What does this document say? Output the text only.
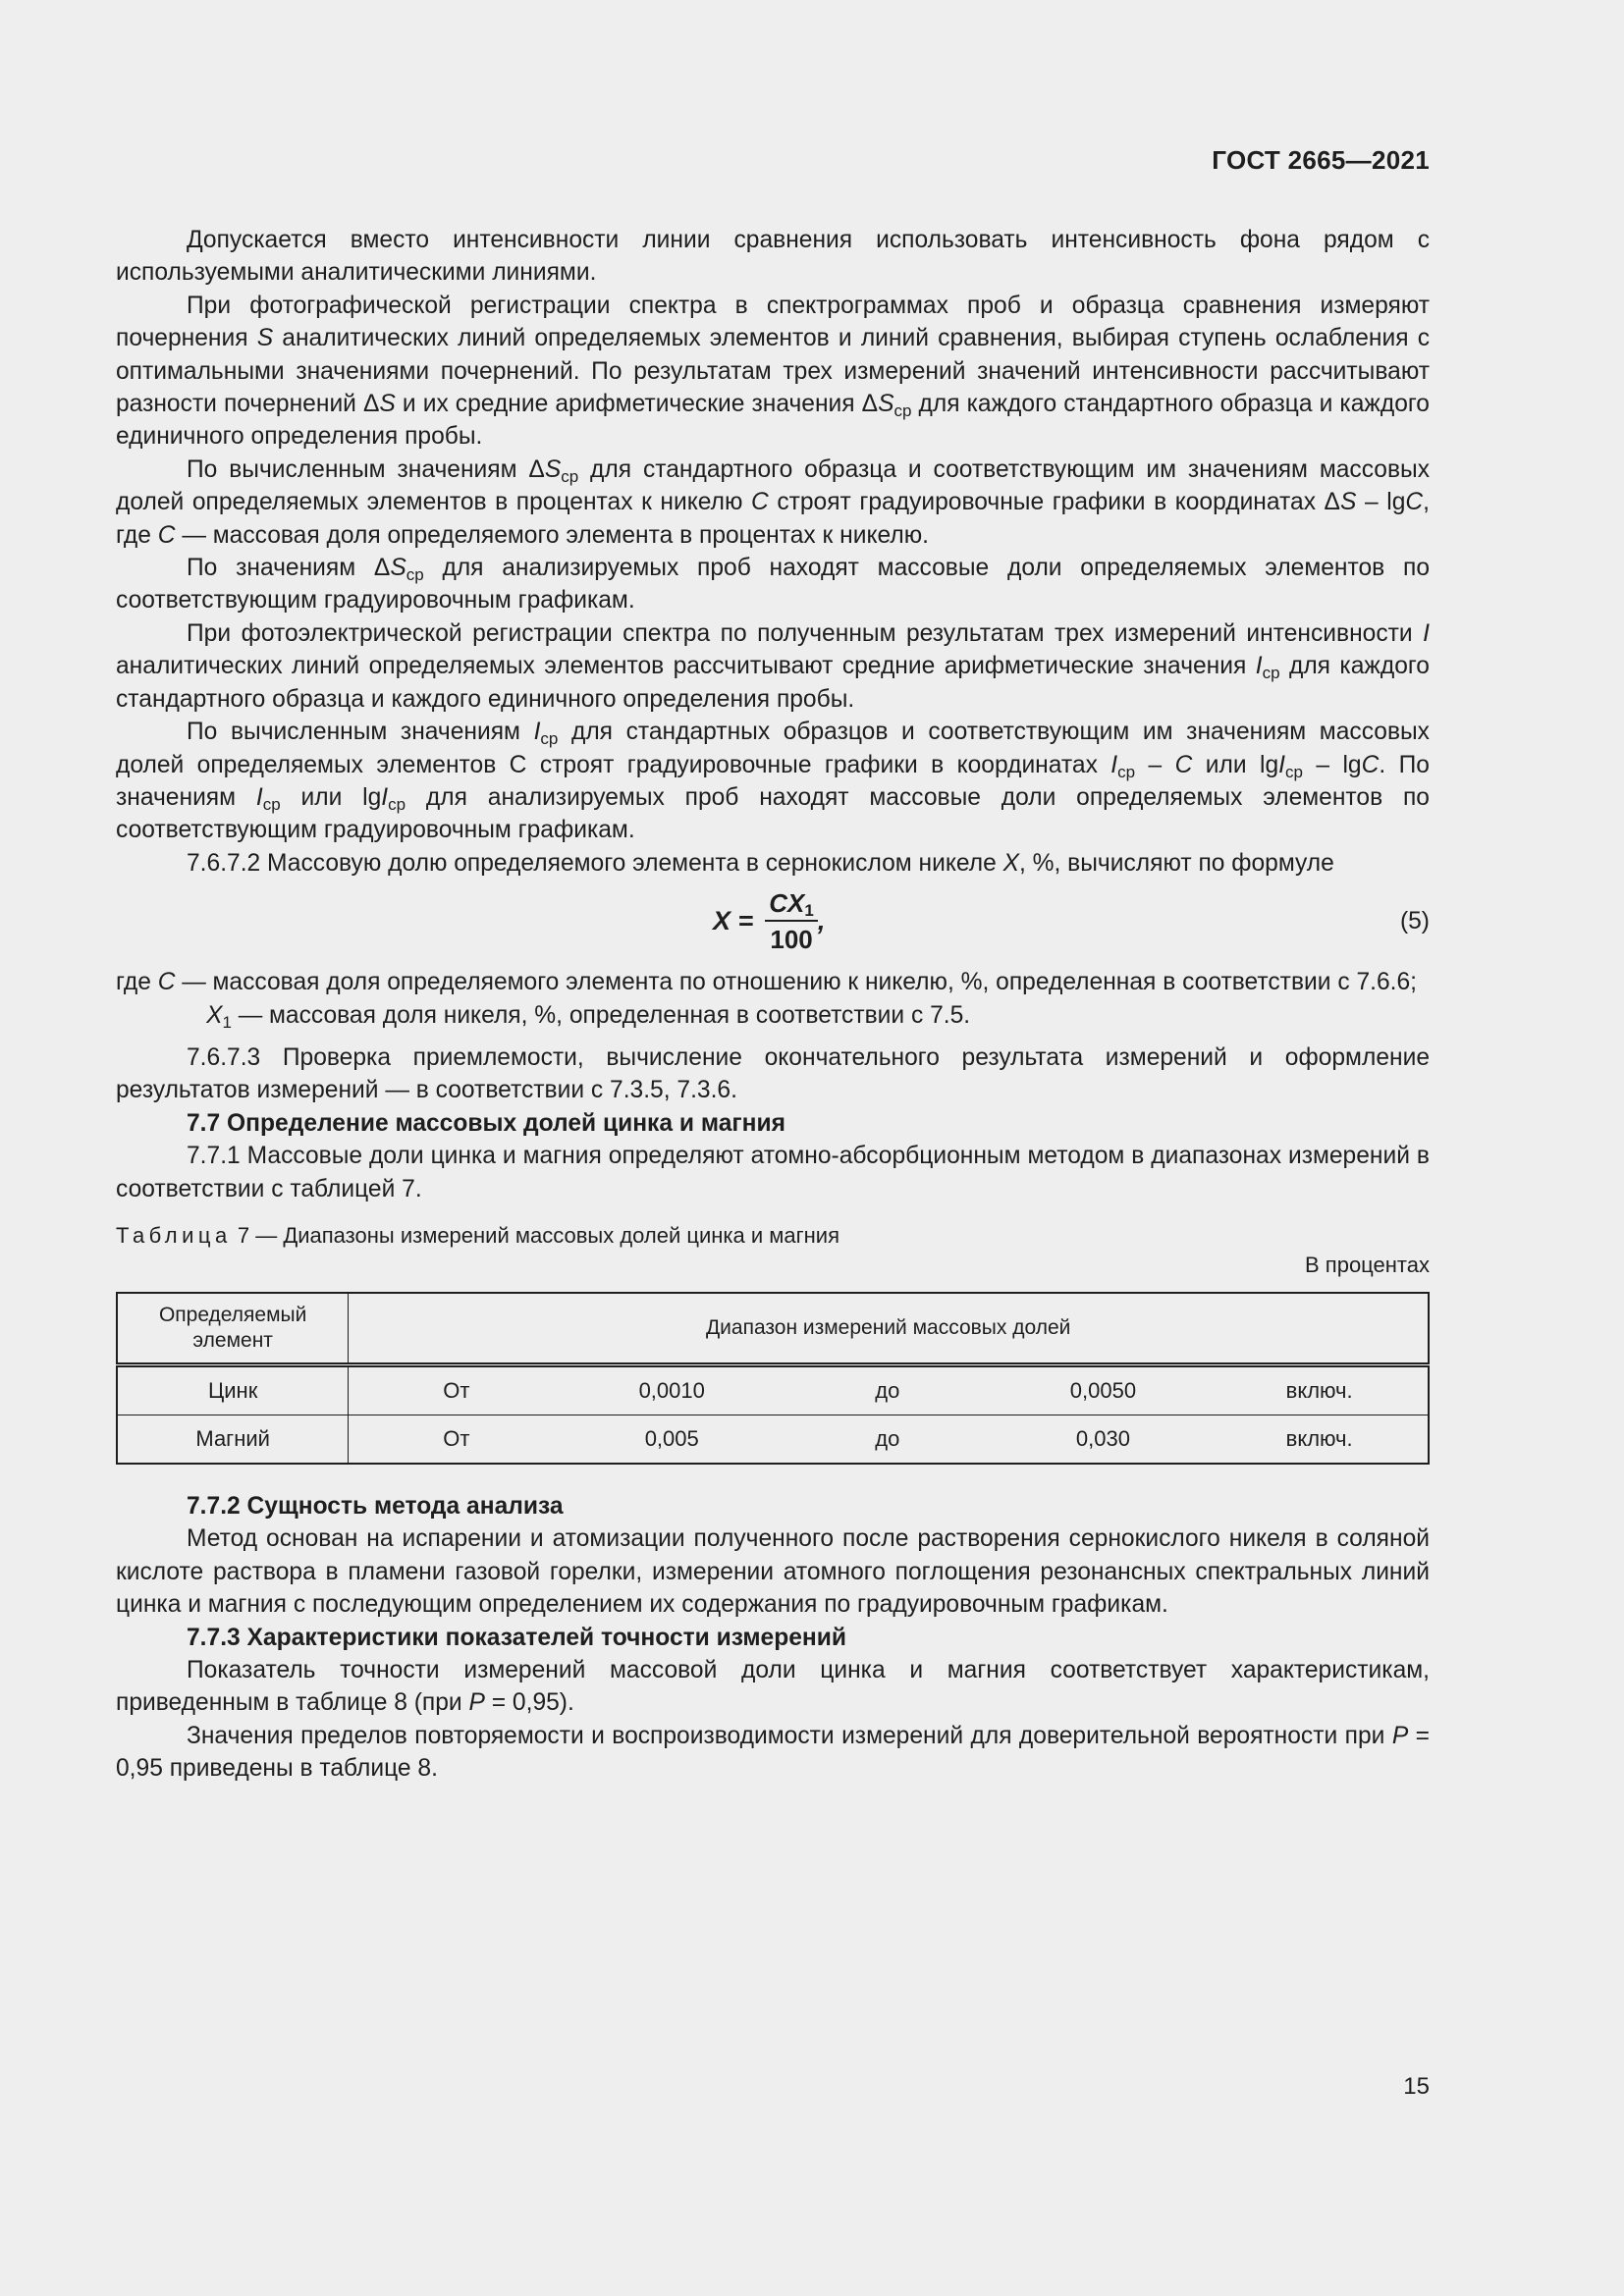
ГОСТ 2665—2021

Допускается вместо интенсивности линии сравнения использовать интенсивность фона рядом с используемыми аналитическими линиями.

При фотографической регистрации спектра в спектрограммах проб и образца сравнения измеряют почернения S аналитических линий определяемых элементов и линий сравнения, выбирая ступень ослабления с оптимальными значениями почернений. По результатам трех измерений значений интенсивности рассчитывают разности почернений ΔS и их средние арифметические значения $\Delta S_{ср}$ для каждого стандартного образца и каждого единичного определения пробы.

По вычисленным значениям $\Delta S_{ср}$ для стандартного образца и соответствующим им значениям массовых долей определяемых элементов в процентах к никелю C строят градуировочные графики в координатах ΔS – lgC, где C — массовая доля определяемого элемента в процентах к никелю.

По значениям $\Delta S_{ср}$ для анализируемых проб находят массовые доли определяемых элементов по соответствующим градуировочным графикам.

При фотоэлектрической регистрации спектра по полученным результатам трех измерений интенсивности I аналитических линий определяемых элементов рассчитывают средние арифметические значения $I_{ср}$ для каждого стандартного образца и каждого единичного определения пробы.

По вычисленным значениям $I_{ср}$ для стандартных образцов и соответствующим им значениям массовых долей определяемых элементов С строят градуировочные графики в координатах $I_{ср}$ – C или lgI$_{ср}$ – lgC. По значениям $I_{ср}$ или lgI$_{ср}$ для анализируемых проб находят массовые доли определяемых элементов по соответствующим градуировочным графикам.

7.6.7.2 Массовую долю определяемого элемента в сернокислом никеле X, %, вычисляют по формуле

$X = \frac{CX_1}{100}$ ,	(5)
где C — массовая доля определяемого элемента по отношению к никелю, %, определенная в соответствии с 7.6.6;
$X_1$ — массовая доля никеля, %, определенная в соответствии с 7.5.

7.6.7.3 Проверка приемлемости, вычисление окончательного результата измерений и оформление результатов измерений — в соответствии с 7.3.5, 7.3.6.

7.7 Определение массовых долей цинка и магния

7.7.1 Массовые доли цинка и магния определяют атомно-абсорбционным методом в диапазонах измерений в соответствии с таблицей 7.

Таблица 7 — Диапазоны измерений массовых долей цинка и магния
В процентах
Определяемый элемент	Диапазон измерений массовых долей				
Цинк	От	0,0010	до	0,0050	включ.
Магний	От	0,005	до	0,030	включ.

7.7.2 Сущность метода анализа

Метод основан на испарении и атомизации полученного после растворения сернокислого никеля в соляной кислоте раствора в пламени газовой горелки, измерении атомного поглощения резонансных спектральных линий цинка и магния с последующим определением их содержания по градуировочным графикам.

7.7.3 Характеристики показателей точности измерений

Показатель точности измерений массовой доли цинка и магния соответствует характеристикам, приведенным в таблице 8 (при P = 0,95).

Значения пределов повторяемости и воспроизводимости измерений для доверительной вероятности при P = 0,95 приведены в таблице 8.

15
